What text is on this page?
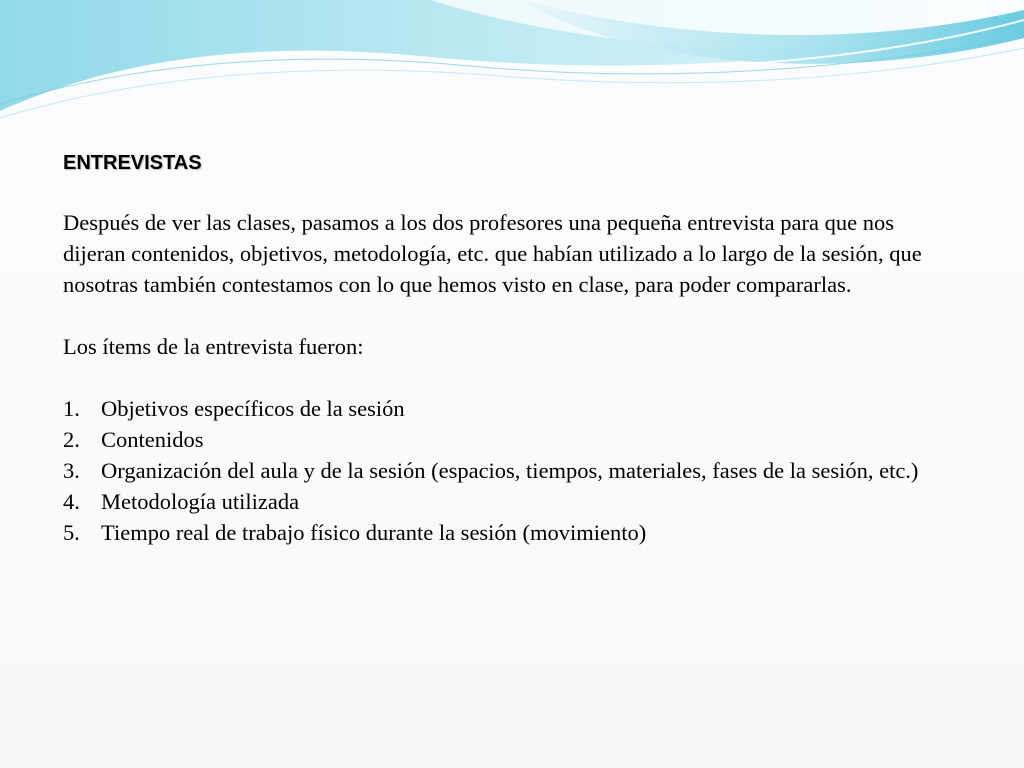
ENTREVISTAS

Después de ver las clases, pasamos a los dos profesores una pequeña entrevista para que nos dijeran contenidos, objetivos, metodología, etc. que habían utilizado a lo largo de la sesión, que nosotras también contestamos con lo que hemos visto en clase, para poder compararlas.

Los ítems de la entrevista fueron:

1. Objetivos específicos de la sesión
2. Contenidos
3. Organización del aula y de la sesión (espacios, tiempos, materiales, fases de la sesión, etc.)
4. Metodología utilizada
5. Tiempo real de trabajo físico durante la sesión (movimiento)
